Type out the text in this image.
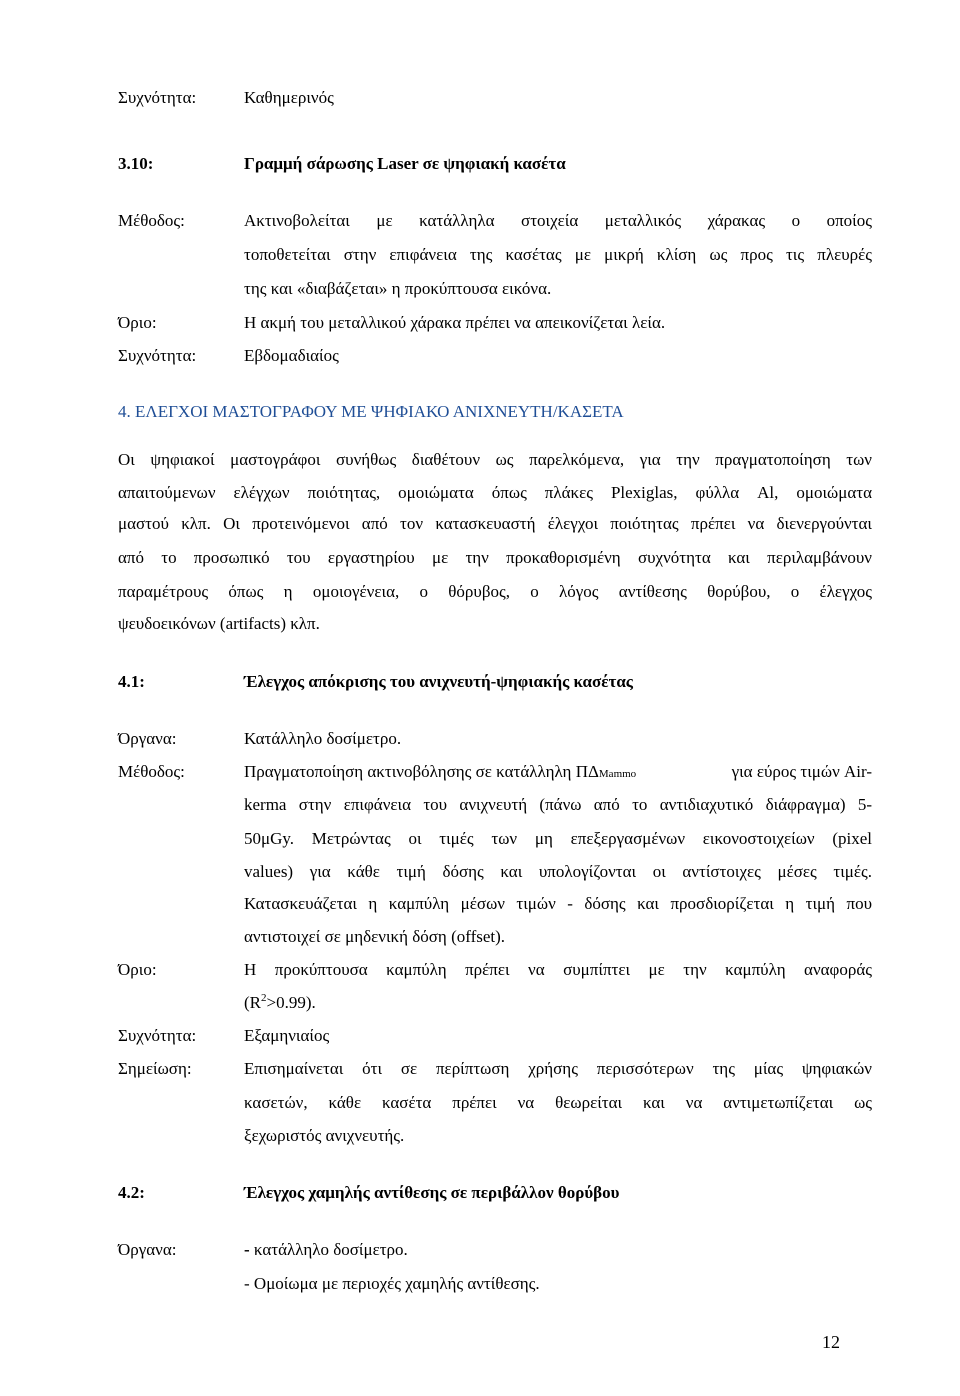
Συχνότητα:	Καθημερινός
3.10:	Γραμμή σάρωσης Laser σε ψηφιακή κασέτα
Μέθοδος:	Ακτινοβολείται με κατάλληλα στοιχεία μεταλλικός χάρακας ο οποίος
τοποθετείται στην επιφάνεια της κασέτας με μικρή κλίση ως προς τις πλευρές
της και «διαβάζεται» η προκύπτουσα εικόνα.
Όριο:	Η ακμή του μεταλλικού χάρακα πρέπει να απεικονίζεται λεία.
Συχνότητα:	Εβδομαδιαίος
4. ΕΛΕΓΧΟΙ ΜΑΣΤΟΓΡΑΦΟΥ ΜΕ ΨΗΦΙΑΚΟ ΑΝΙΧΝΕΥΤΗ/ΚΑΣΕΤΑ
Οι ψηφιακοί μαστογράφοι συνήθως διαθέτουν ως παρελκόμενα, για την πραγματοποίηση των
απαιτούμενων ελέγχων ποιότητας, ομοιώματα όπως πλάκες Plexiglas, φύλλα Al, ομοιώματα
μαστού κλπ. Οι προτεινόμενοι από τον κατασκευαστή έλεγχοι ποιότητας πρέπει να διενεργούνται
από το προσωπικό του εργαστηρίου με την προκαθορισμένη συχνότητα και περιλαμβάνουν
παραμέτρους όπως η ομοιογένεια, ο θόρυβος, ο λόγος αντίθεσης θορύβου, ο έλεγχος
ψευδοεικόνων (artifacts) κλπ.
4.1:	Έλεγχος απόκρισης του ανιχνευτή-ψηφιακής κασέτας
Όργανα:	Κατάλληλο δοσίμετρο.
Μέθοδος:	Πραγματοποίηση ακτινοβόλησης σε κατάλληλη ΠΔMammo	για εύρος τιμών Air-
kerma στην επιφάνεια του ανιχνευτή (πάνω από το αντιδιαχυτικό διάφραγμα) 5-
50μGy. Μετρώντας οι τιμές των μη επεξεργασμένων εικονοστοιχείων (pixel
values) για κάθε τιμή δόσης και υπολογίζονται οι αντίστοιχες μέσες τιμές.
Κατασκευάζεται η καμπύλη μέσων τιμών - δόσης και προσδιορίζεται η τιμή που
αντιστοιχεί σε μηδενική δόση (offset).
Όριο:	Η προκύπτουσα καμπύλη πρέπει να συμπίπτει με την καμπύλη αναφοράς
$(R^2>0.99)$.
Συχνότητα:	Εξαμηνιαίος
Σημείωση:	Επισημαίνεται ότι σε περίπτωση χρήσης περισσότερων της μίας ψηφιακών
κασετών, κάθε κασέτα πρέπει να θεωρείται και να αντιμετωπίζεται ως
ξεχωριστός ανιχνευτής.
4.2:	Έλεγχος χαμηλής αντίθεσης σε περιβάλλον θορύβου
Όργανα:	- κατάλληλο δοσίμετρο.
- Ομοίωμα με περιοχές χαμηλής αντίθεσης.
12
